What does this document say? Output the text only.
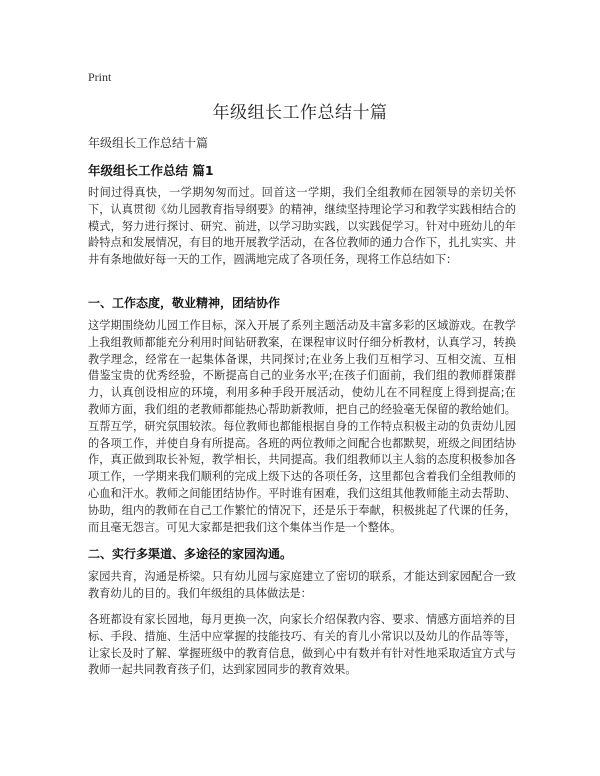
Print
年级组长工作总结十篇
年级组长工作总结十篇
年级组长工作总结 篇1

时间过得真快，一学期匆匆而过。回首这一学期，我们全组教师在园领导的亲切关怀下，认真贯彻《幼儿园教育指导纲要》的精神，继续坚持理论学习和教学实践相结合的模式，努力进行探讨、研究、前进，以学习助实践，以实践促学习。针对中班幼儿的年龄特点和发展情况，有目的地开展教学活动，在各位教师的通力合作下，扎扎实实、井井有条地做好每一天的工作，圆满地完成了各项任务，现将工作总结如下：

一、工作态度，敬业精神，团结协作

这学期围绕幼儿园工作目标，深入开展了系列主题活动及丰富多彩的区域游戏。在教学上我组教师都能充分利用时间钻研教案，在课程审议时仔细分析教材，认真学习，转换教学理念，经常在一起集体备课，共同探讨;在业务上我们互相学习、互相交流、互相借鉴宝贵的优秀经验，不断提高自己的业务水平;在孩子们面前，我们组的教师群策群力，认真创设相应的环境，利用多种手段开展活动，使幼儿在不同程度上得到提高;在教师方面，我们组的老教师都能热心帮助新教师，把自己的经验毫无保留的教给她们。互帮互学，研究氛围较浓。每位教师也都能根据自身的工作特点积极主动的负责幼儿园的各项工作，并使自身有所提高。各班的两位教师之间配合也都默契，班级之间团结协作，真正做到取长补短，教学相长，共同提高。我们组教师以主人翁的态度积极参加各项工作，一学期来我们顺利的完成上级下达的各项任务，这里都包含着我们全组教师的心血和汗水。教师之间能团结协作。平时谁有困难，我们这组其他教师能主动去帮助、协助，组内的教师在自己工作繁忙的情况下，还是乐于奉献，积极挑起了代课的任务，而且毫无怨言。可见大家都是把我们这个集体当作是一个整体。

二、实行多渠道、多途径的家园沟通。

家园共育，沟通是桥梁。只有幼儿园与家庭建立了密切的联系，才能达到家园配合一致教育幼儿的目的。我们年级组的具体做法是：

各班都设有家长园地，每月更换一次，向家长介绍保教内容、要求、情感方面培养的目标、手段、措施、生活中应掌握的技能技巧、有关的育儿小常识以及幼儿的作品等等，让家长及时了解、掌握班级中的教育信息，做到心中有数并有针对性地采取适宜方式与教师一起共同教育孩子们，达到家园同步的教育效果。
